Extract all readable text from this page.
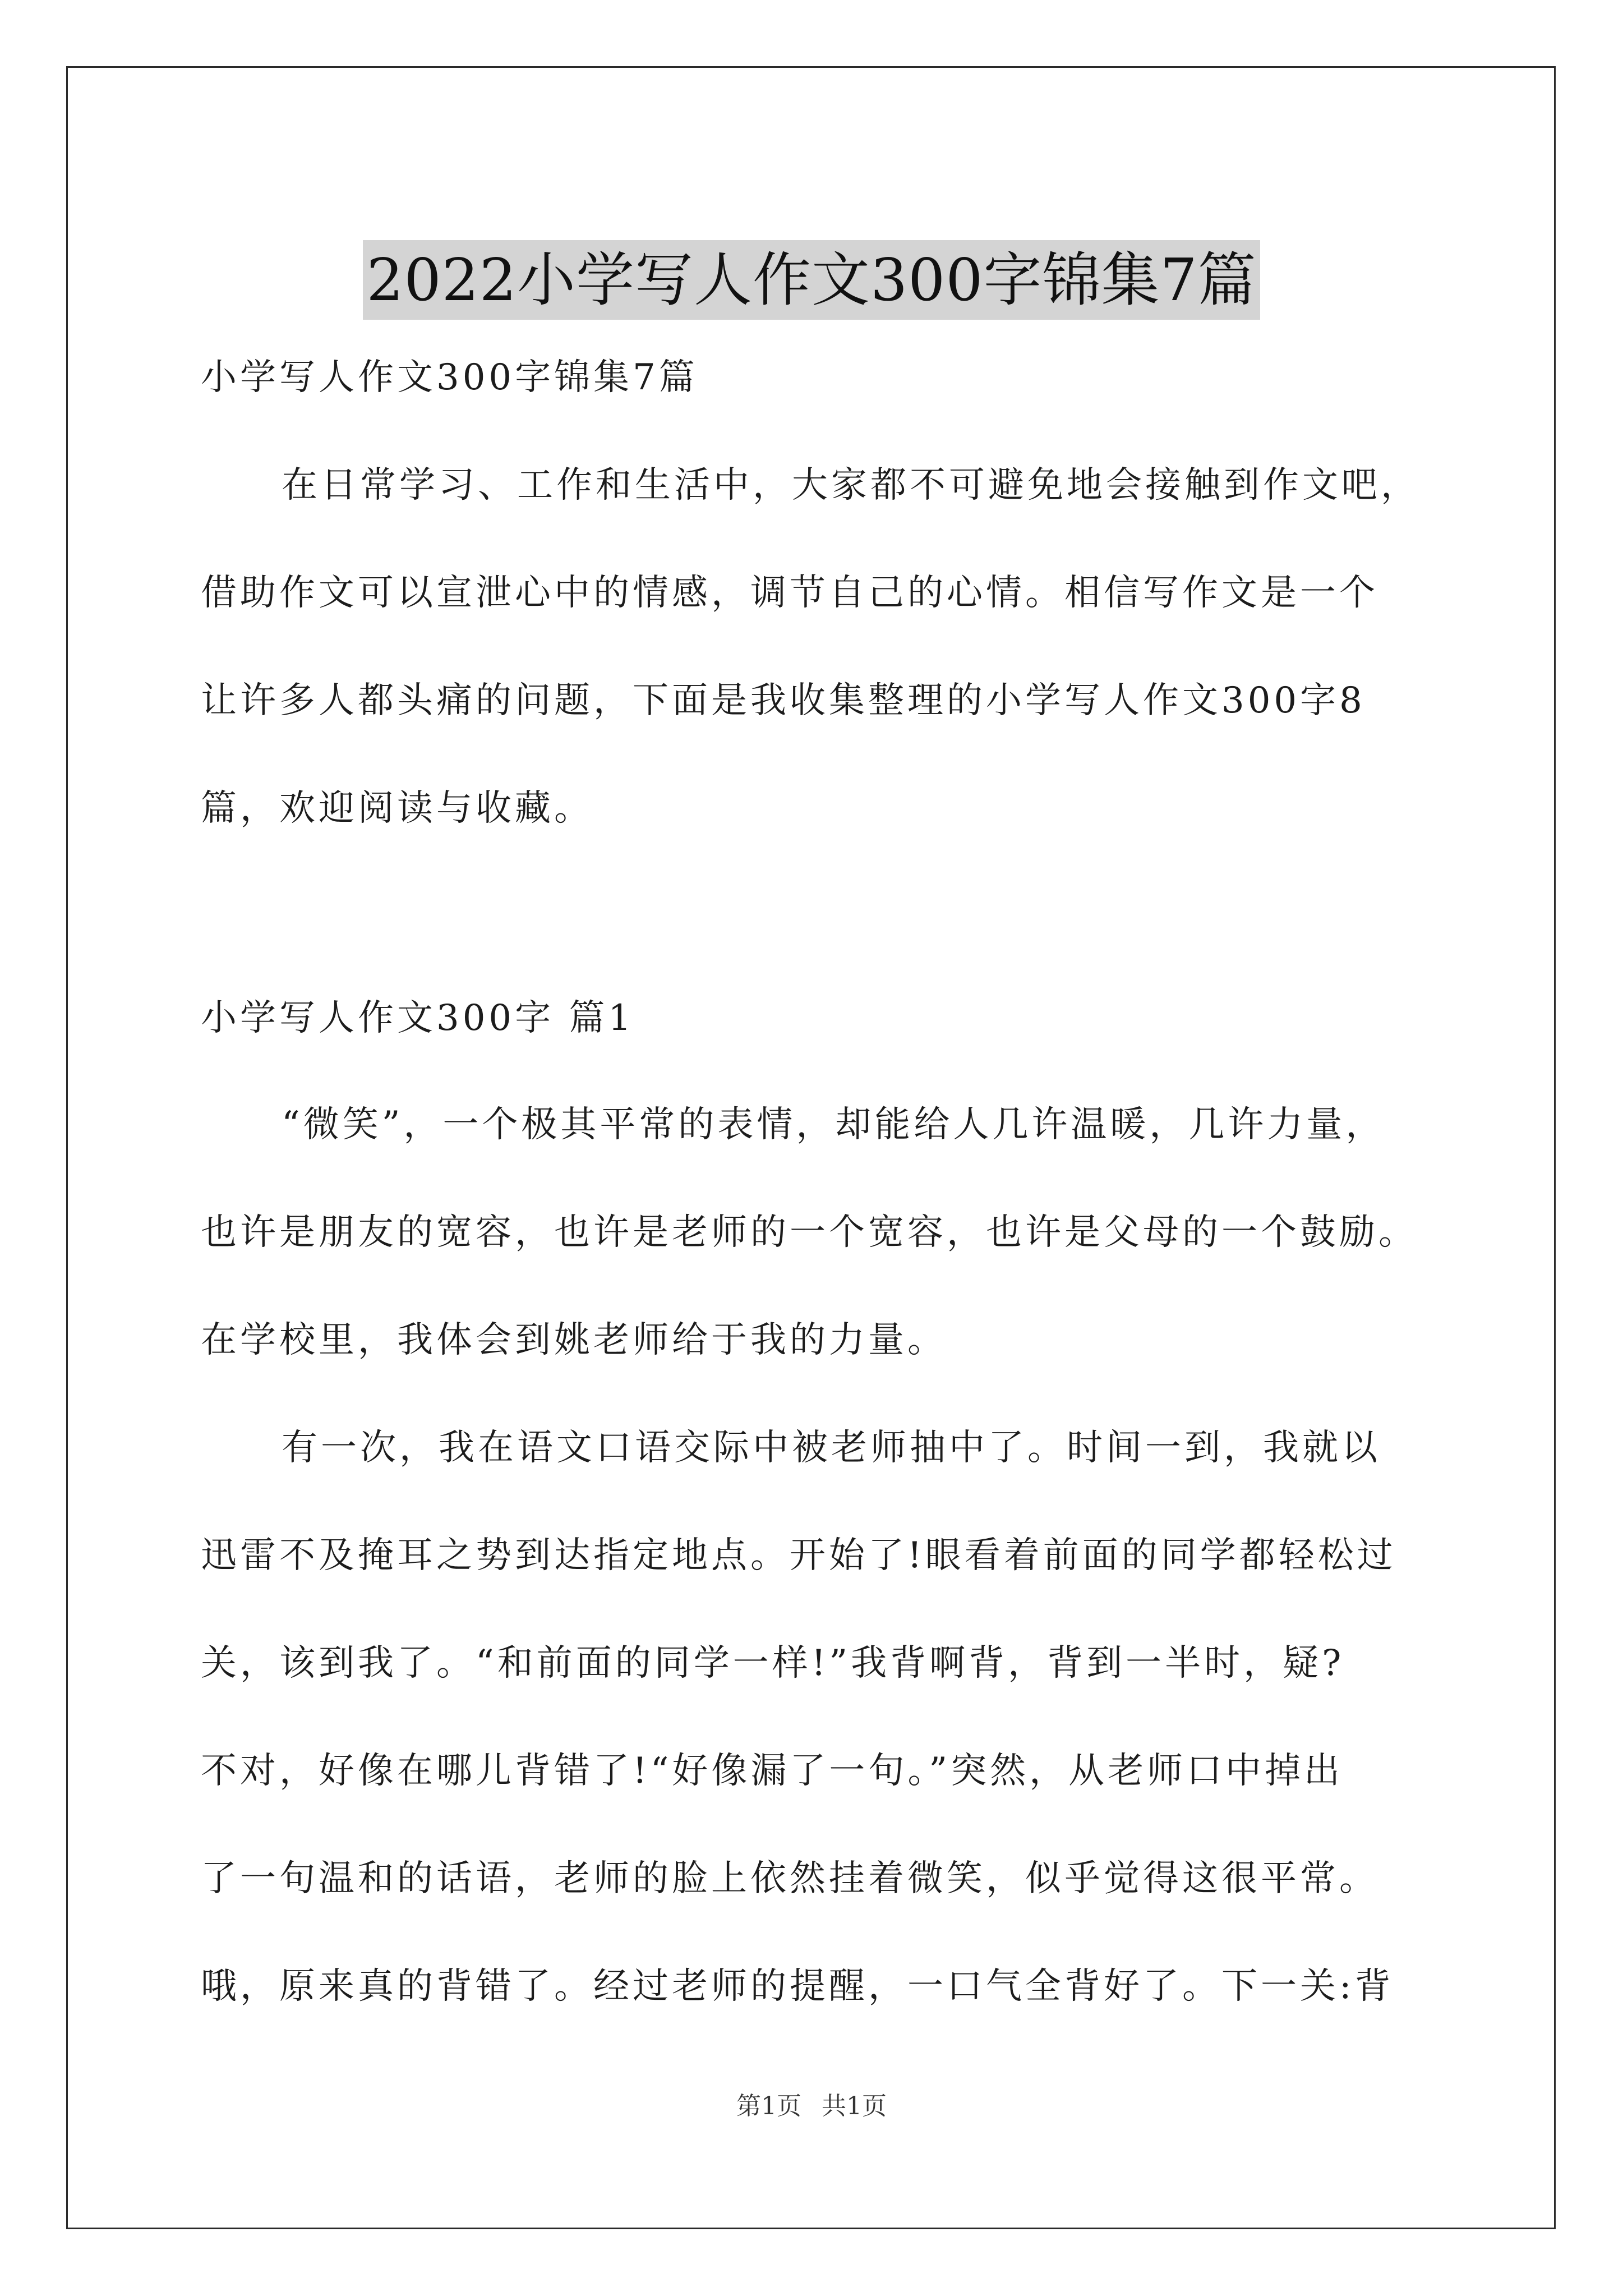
2022小学写人作文300字锦集7篇
小学写人作文300字锦集7篇
在日常学习、工作和生活中，大家都不可避免地会接触到作文吧，
借助作文可以宣泄心中的情感，调节自己的心情。相信写作文是一个
让许多人都头痛的问题，下面是我收集整理的小学写人作文300字8
篇，欢迎阅读与收藏。
小学写人作文300字 篇1
“微笑”，一个极其平常的表情，却能给人几许温暖，几许力量，
也许是朋友的宽容，也许是老师的一个宽容，也许是父母的一个鼓励。
在学校里，我体会到姚老师给于我的力量。
有一次，我在语文口语交际中被老师抽中了。时间一到，我就以
迅雷不及掩耳之势到达指定地点。开始了!眼看着前面的同学都轻松过
关，该到我了。“和前面的同学一样!”我背啊背，背到一半时，疑?
不对，好像在哪儿背错了!“好像漏了一句。”突然，从老师口中掉出
了一句温和的话语，老师的脸上依然挂着微笑，似乎觉得这很平常。
哦，原来真的背错了。经过老师的提醒，一口气全背好了。下一关:背
第1页 共1页
